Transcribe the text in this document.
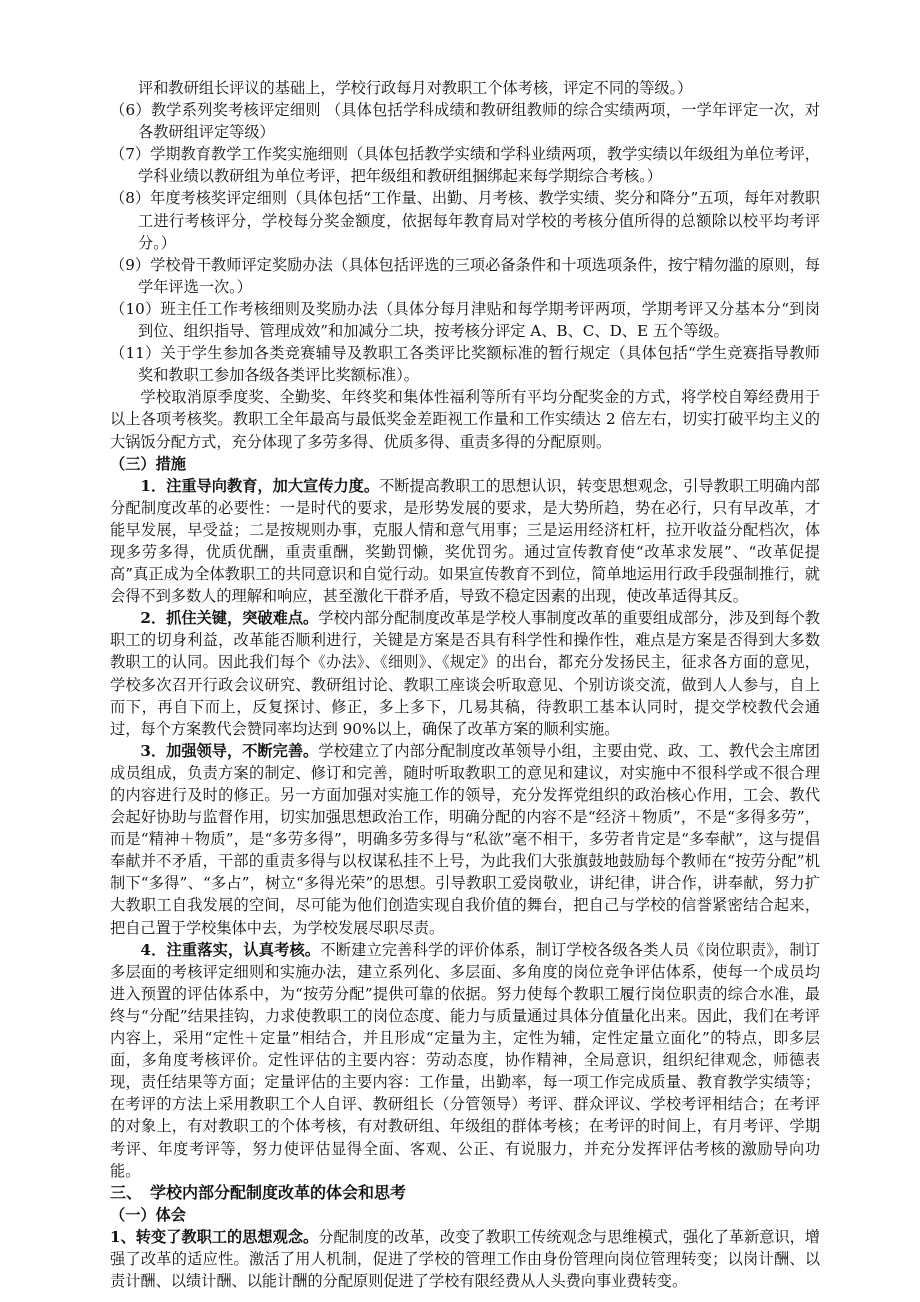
评和教研组长评议的基础上，学校行政每月对教职工个体考核，评定不同的等级。）

（6）教学系列奖考核评定细则 （具体包括学科成绩和教研组教师的综合实绩两项，一学年评定一次，对各教研组评定等级）

（7）学期教育教学工作奖实施细则（具体包括教学实绩和学科业绩两项，教学实绩以年级组为单位考评，学科业绩以教研组为单位考评，把年级组和教研组捆绑起来每学期综合考核。）

（8）年度考核奖评定细则（具体包括“工作量、出勤、月考核、教学实绩、奖分和降分”五项，每年对教职工进行考核评分，学校每分奖金额度，依据每年教育局对学校的考核分值所得的总额除以校平均考评分。）

（9）学校骨干教师评定奖励办法（具体包括评选的三项必备条件和十项选项条件，按宁精勿滥的原则，每学年评选一次。）

（10）班主任工作考核细则及奖励办法（具体分每月津贴和每学期考评两项，学期考评又分基本分“到岗到位、组织指导、管理成效”和加减分二块，按考核分评定 A、B、C、D、E 五个等级。

（11）关于学生参加各类竞赛辅导及教职工各类评比奖额标准的暂行规定（具体包括“学生竞赛指导教师奖和教职工参加各级各类评比奖额标准）。

学校取消原季度奖、全勤奖、年终奖和集体性福利等所有平均分配奖金的方式，将学校自筹经费用于以上各项考核奖。教职工全年最高与最低奖金差距视工作量和工作实绩达 2 倍左右，切实打破平均主义的大锅饭分配方式，充分体现了多劳多得、优质多得、重责多得的分配原则。

（三）措施

1．注重导向教育，加大宣传力度。不断提高教职工的思想认识，转变思想观念，引导教职工明确内部分配制度改革的必要性：一是时代的要求，是形势发展的要求，是大势所趋，势在必行，只有早改革，才能早发展，早受益；二是按规则办事，克服人情和意气用事；三是运用经济杠杆，拉开收益分配档次，体现多劳多得，优质优酬，重责重酬，奖勤罚懒，奖优罚劣。通过宣传教育使“改革求发展”、“改革促提高”真正成为全体教职工的共同意识和自觉行动。如果宣传教育不到位，简单地运用行政手段强制推行，就会得不到多数人的理解和响应，甚至激化干群矛盾，导致不稳定因素的出现，使改革适得其反。

2．抓住关键，突破难点。学校内部分配制度改革是学校人事制度改革的重要组成部分，涉及到每个教职工的切身利益，改革能否顺利进行，关键是方案是否具有科学性和操作性，难点是方案是否得到大多数教职工的认同。因此我们每个《办法》、《细则》、《规定》的出台，都充分发扬民主，征求各方面的意见，学校多次召开行政会议研究、教研组讨论、教职工座谈会听取意见、个别访谈交流，做到人人参与，自上而下，再自下而上，反复探讨、修正，多上多下，几易其稿，待教职工基本认同时，提交学校教代会通过，每个方案教代会赞同率均达到 90%以上，确保了改革方案的顺利实施。

3．加强领导，不断完善。学校建立了内部分配制度改革领导小组，主要由党、政、工、教代会主席团成员组成，负责方案的制定、修订和完善，随时听取教职工的意见和建议，对实施中不很科学或不很合理的内容进行及时的修正。另一方面加强对实施工作的领导，充分发挥党组织的政治核心作用，工会、教代会起好协助与监督作用，切实加强思想政治工作，明确分配的内容不是“经济＋物质”，不是“多得多劳”，而是“精神＋物质”，是“多劳多得”，明确多劳多得与“私欲”毫不相干，多劳者肯定是“多奉献”，这与提倡奉献并不矛盾，干部的重责多得与以权谋私挂不上号，为此我们大张旗鼓地鼓励每个教师在“按劳分配”机制下“多得”、“多占”，树立“多得光荣”的思想。引导教职工爱岗敬业，讲纪律，讲合作，讲奉献，努力扩大教职工自我发展的空间，尽可能为他们创造实现自我价值的舞台，把自己与学校的信誉紧密结合起来，把自己置于学校集体中去，为学校发展尽职尽责。

4．注重落实，认真考核。不断建立完善科学的评价体系，制订学校各级各类人员《岗位职责》，制订多层面的考核评定细则和实施办法，建立系列化、多层面、多角度的岗位竞争评估体系，使每一个成员均进入预置的评估体系中，为“按劳分配”提供可靠的依据。努力使每个教职工履行岗位职责的综合水准，最终与“分配”结果挂钩，力求使教职工的岗位态度、能力与质量通过具体分值量化出来。因此，我们在考评内容上，采用“定性＋定量”相结合，并且形成“定量为主，定性为辅，定性定量立面化”的特点，即多层面，多角度考核评价。定性评估的主要内容：劳动态度，协作精神，全局意识，组织纪律观念，师德表现，责任结果等方面；定量评估的主要内容：工作量，出勤率，每一项工作完成质量、教育教学实绩等；在考评的方法上采用教职工个人自评、教研组长（分管领导）考评、群众评议、学校考评相结合；在考评的对象上，有对教职工的个体考核，有对教研组、年级组的群体考核；在考评的时间上，有月考评、学期考评、年度考评等，努力使评估显得全面、客观、公正、有说服力，并充分发挥评估考核的激励导向功能。

三、 学校内部分配制度改革的体会和思考

（一）体会

1、转变了教职工的思想观念。分配制度的改革，改变了教职工传统观念与思维模式，强化了革新意识，增强了改革的适应性。激活了用人机制，促进了学校的管理工作由身份管理向岗位管理转变；以岗计酬、以责计酬、以绩计酬、以能计酬的分配原则促进了学校有限经费从人头费向事业费转变。
